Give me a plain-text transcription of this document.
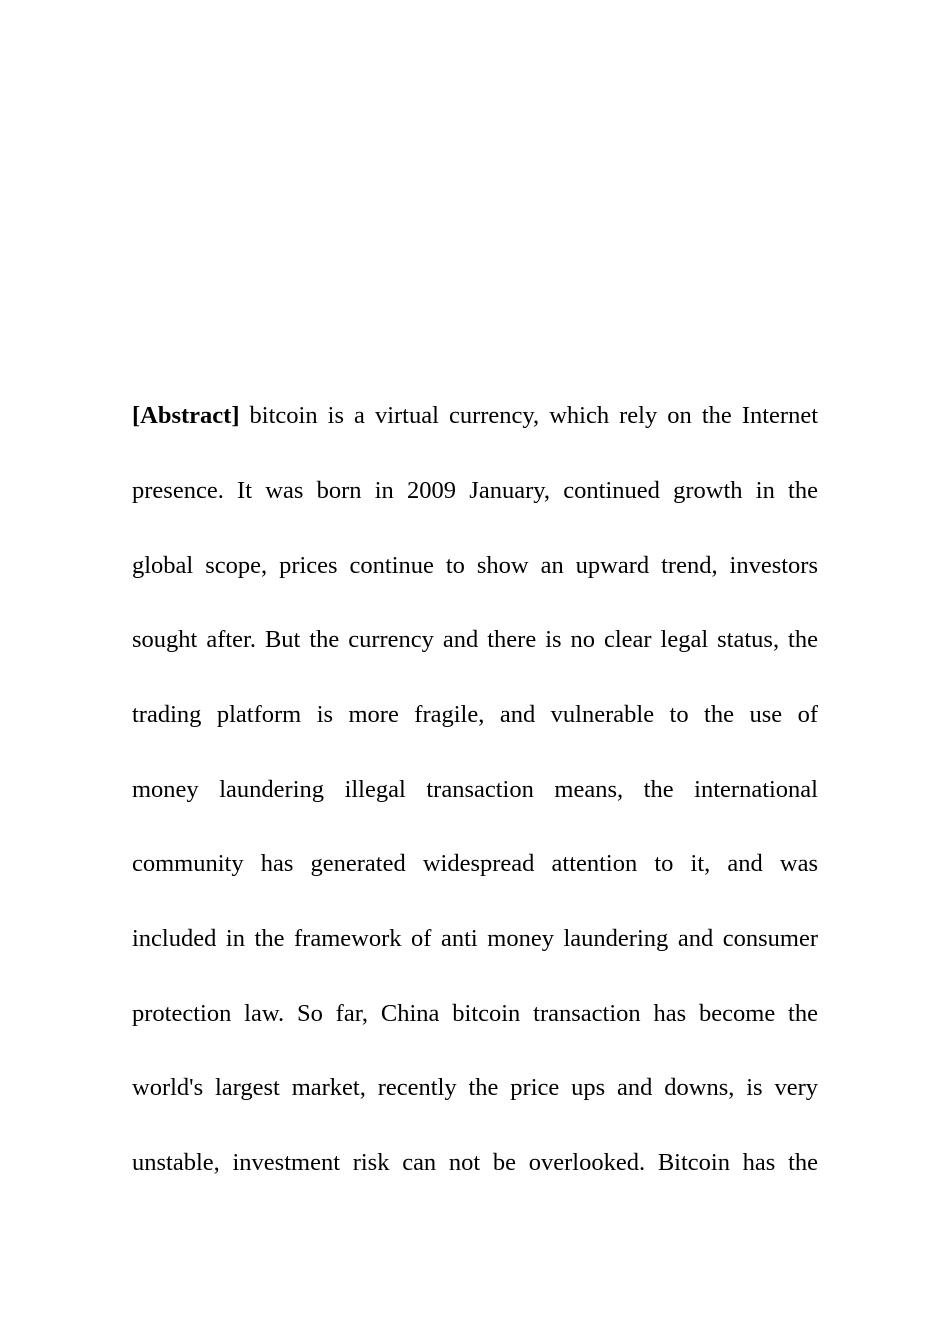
[Abstract] bitcoin is a virtual currency, which rely on the Internet
presence. It was born in 2009 January, continued growth in the
global scope, prices continue to show an upward trend, investors
sought after. But the currency and there is no clear legal status, the
trading platform is more fragile, and vulnerable to the use of
money laundering illegal transaction means, the international
community has generated widespread attention to it, and was
included in the framework of anti money laundering and consumer
protection law. So far, China bitcoin transaction has become the
world's largest market, recently the price ups and downs, is very
unstable, investment risk can not be overlooked. Bitcoin has the
